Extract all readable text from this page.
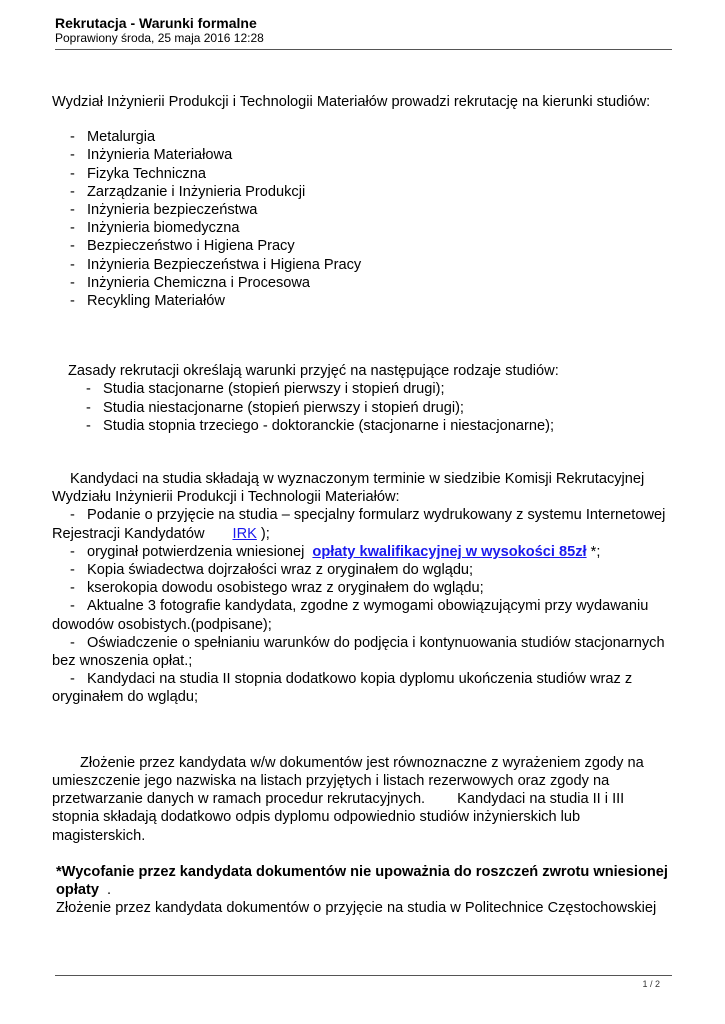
Rekrutacja - Warunki formalne

Poprawiony środa, 25 maja 2016 12:28

Wydział Inżynierii Produkcji i Technologii Materiałów prowadzi rekrutację na kierunki studiów:

- Metalurgia
- Inżynieria Materiałowa
- Fizyka Techniczna
- Zarządzanie i Inżynieria Produkcji
- Inżynieria bezpieczeństwa
- Inżynieria biomedyczna
- Bezpieczeństwo i Higiena Pracy
- Inżynieria Bezpieczeństwa i Higiena Pracy
- Inżynieria Chemiczna i Procesowa
- Recykling Materiałów

Zasady rekrutacji określają warunki przyjęć na następujące rodzaje studiów:

- Studia stacjonarne (stopień pierwszy i stopień drugi);
- Studia niestacjonarne (stopień pierwszy i stopień drugi);
- Studia stopnia trzeciego - doktoranckie (stacjonarne i niestacjonarne);

Kandydaci na studia składają w wyznaczonym terminie w siedzibie Komisji Rekrutacyjnej

Wydziału Inżynierii Produkcji i Technologii Materiałów:

- Podanie o przyjęcie na studia – specjalny formularz wydrukowany z systemu Internetowej

Rejestracji Kandydatów IRK );

- oryginał potwierdzenia wniesionej opłaty kwalifikacyjnej w wysokości 85zł *;

- Kopia świadectwa dojrzałości wraz z oryginałem do wglądu;

- kserokopia dowodu osobistego wraz z oryginałem do wglądu;

- Aktualne 3 fotografie kandydata, zgodne z wymogami obowiązującymi przy wydawaniu

dowodów osobistych.(podpisane);

- Oświadczenie o spełnianiu warunków do podjęcia i kontynuowania studiów stacjonarnych

bez wnoszenia opłat.;

- Kandydaci na studia II stopnia dodatkowo kopia dyplomu ukończenia studiów wraz z

oryginałem do wglądu;

Złożenie przez kandydata w/w dokumentów jest równoznaczne z wyrażeniem zgody na

umieszczenie jego nazwiska na listach przyjętych i listach rezerwowych oraz zgody na

przetwarzanie danych w ramach procedur rekrutacyjnych. Kandydaci na studia II i III

stopnia składają dodatkowo odpis dyplomu odpowiednio studiów inżynierskich lub

magisterskich.

*Wycofanie przez kandydata dokumentów nie upoważnia do roszczeń zwrotu wniesionej

opłaty .

Złożenie przez kandydata dokumentów o przyjęcie na studia w Politechnice Częstochowskiej

1 / 2
